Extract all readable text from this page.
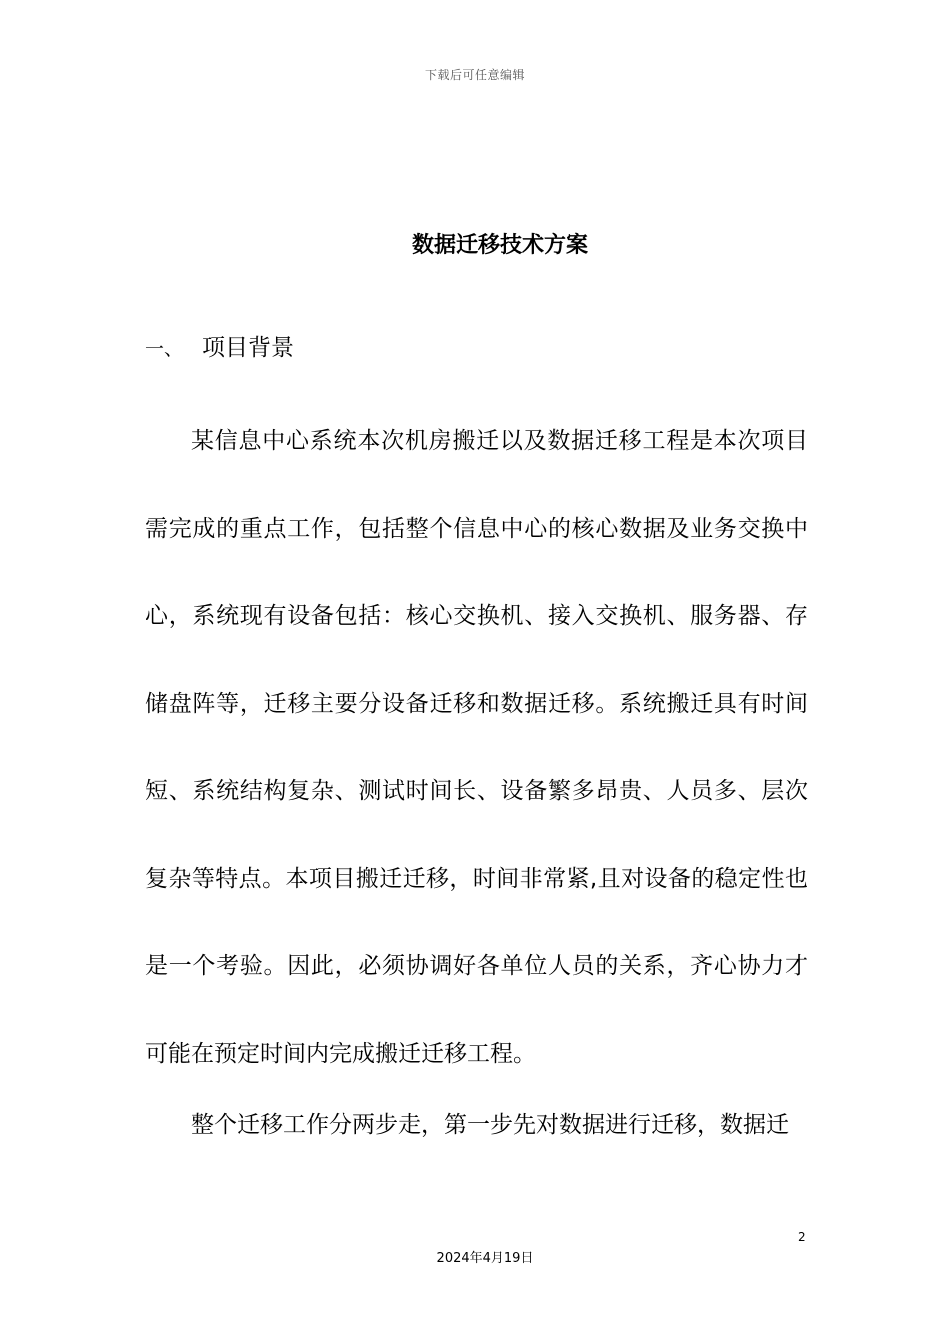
下载后可任意编辑
数据迁移技术方案
一、 项目背景

某信息中心系统本次机房搬迁以及数据迁移工程是本次项目需完成的重点工作，包括整个信息中心的核心数据及业务交换中心，系统现有设备包括：核心交换机、接入交换机、服务器、存储盘阵等，迁移主要分设备迁移和数据迁移。系统搬迁具有时间短、系统结构复杂、测试时间长、设备繁多昂贵、人员多、层次复杂等特点。本项目搬迁迁移，时间非常紧,且对设备的稳定性也是一个考验。因此，必须协调好各单位人员的关系，齐心协力才可能在预定时间内完成搬迁迁移工程。

整个迁移工作分两步走，第一步先对数据进行迁移，数据迁

2
2024年4月19日
